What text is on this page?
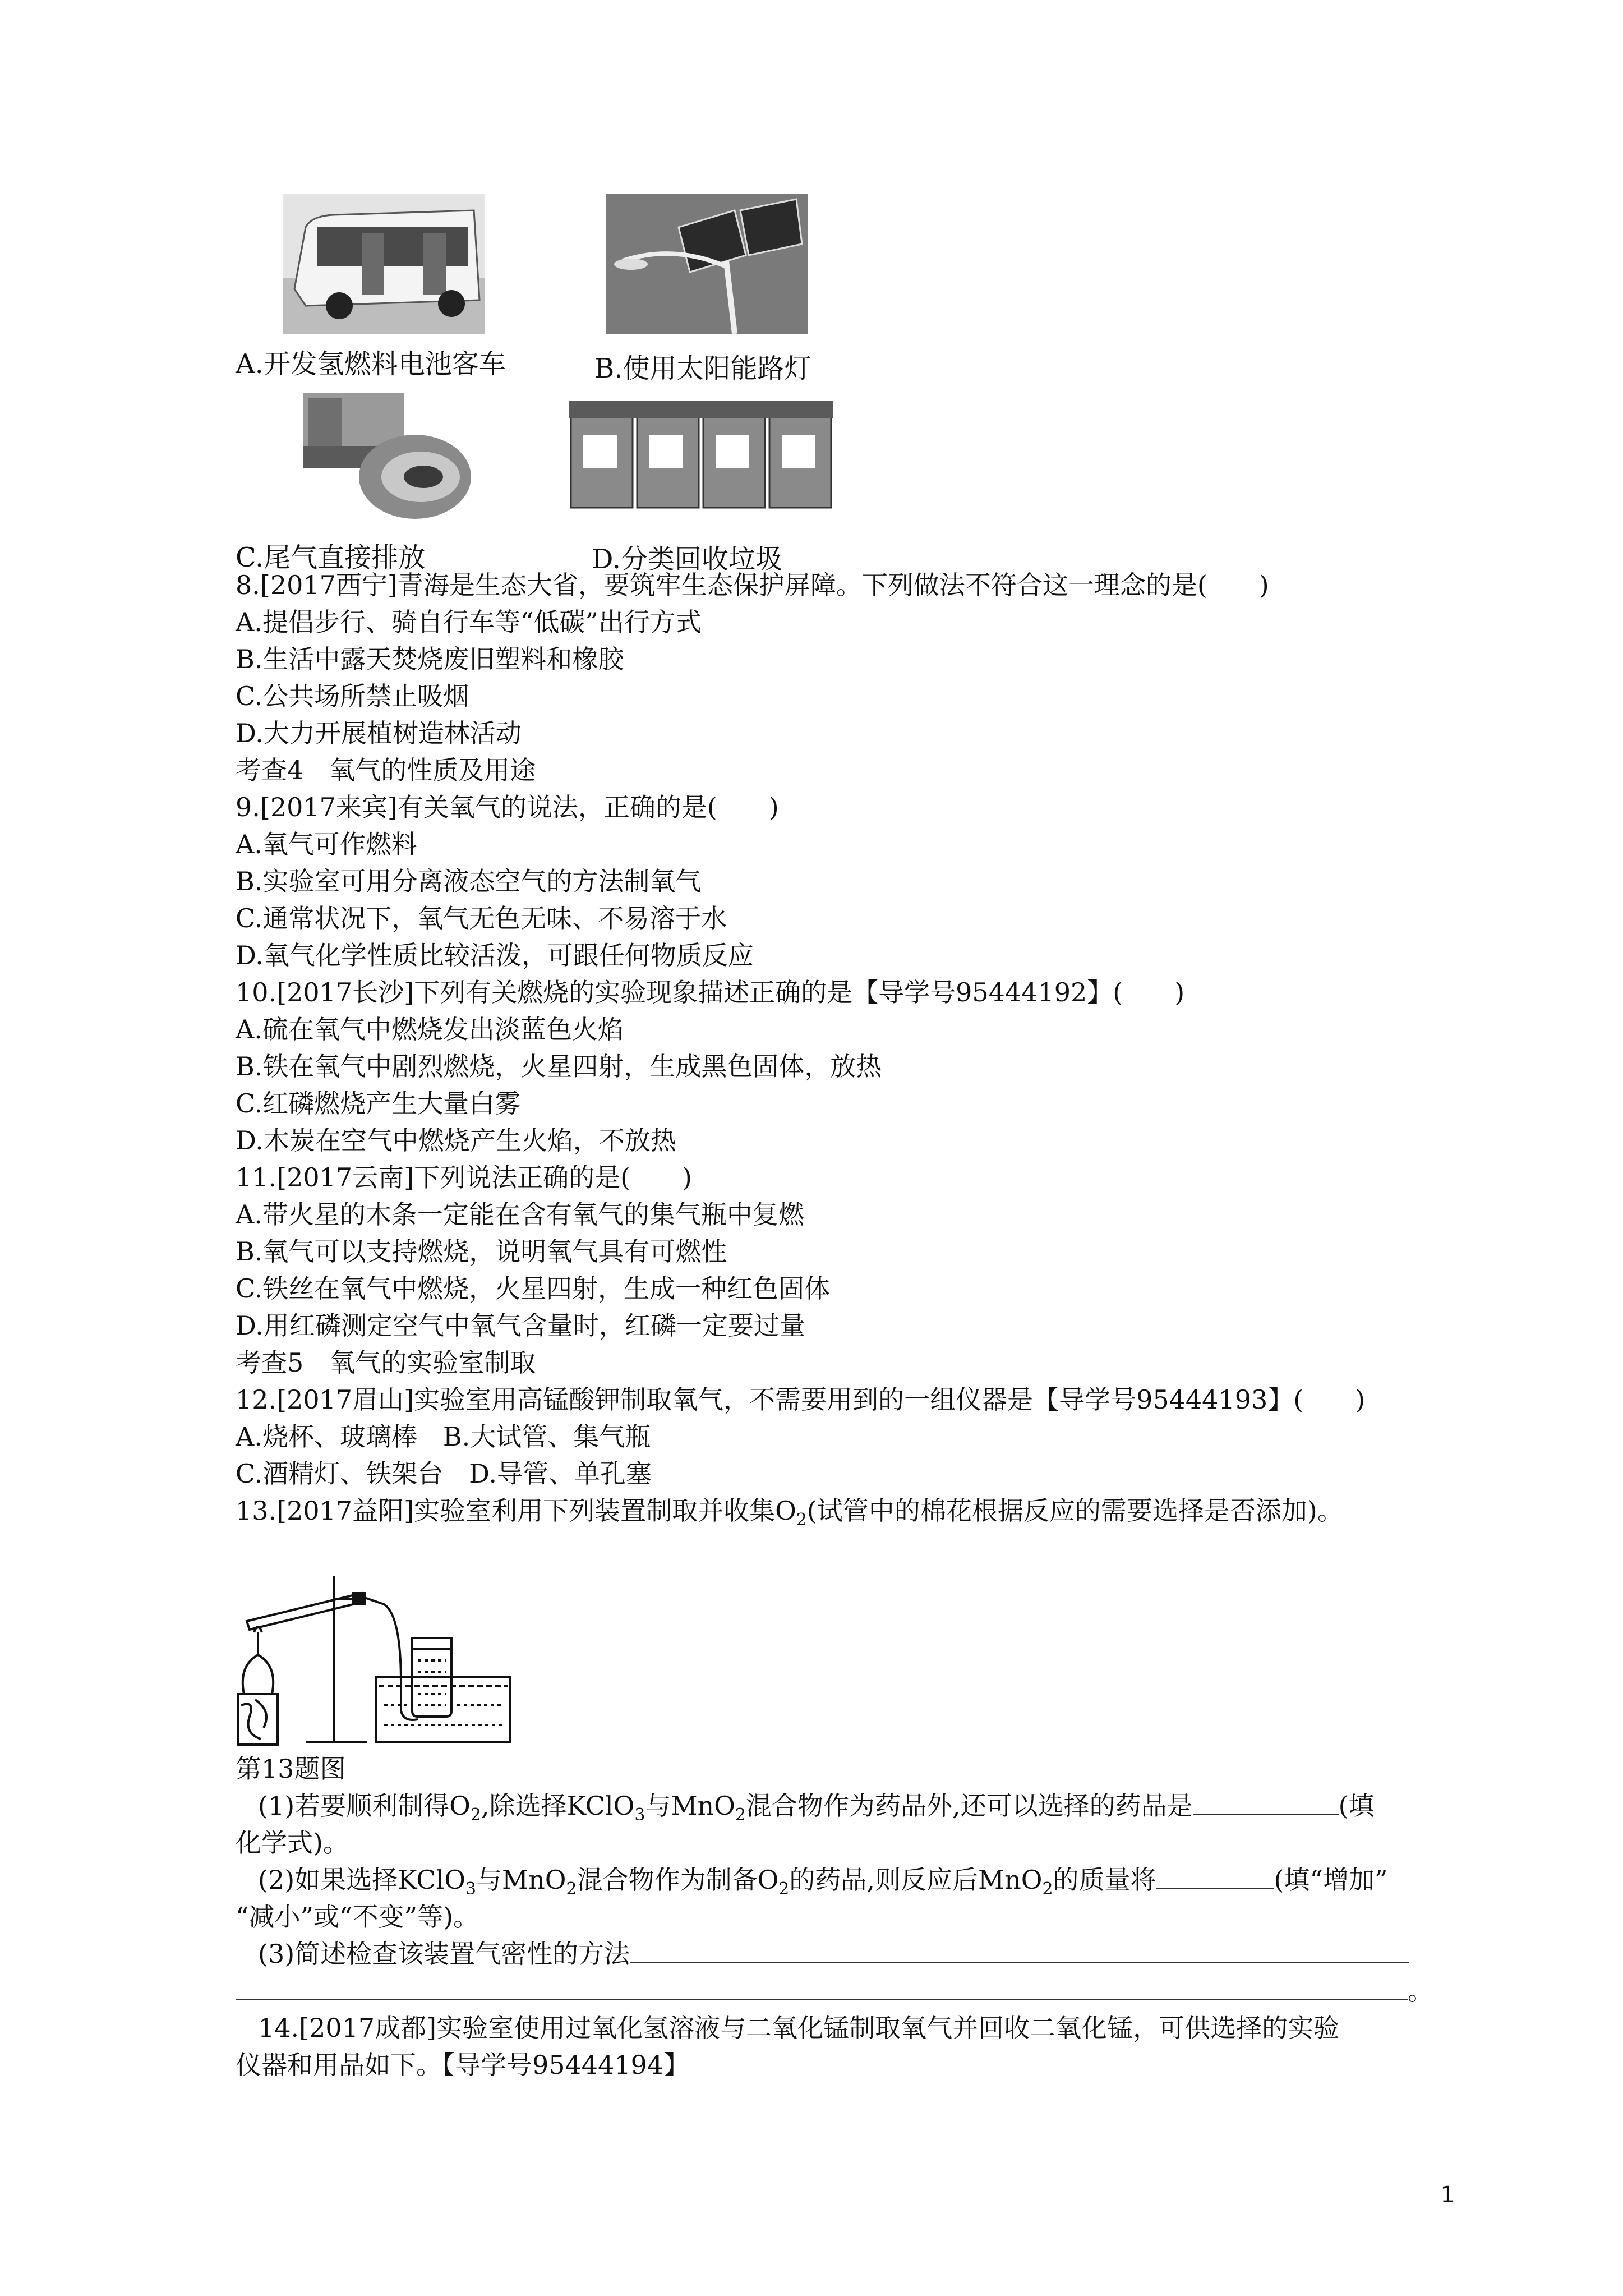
A.开发氢燃料电池客车	B.使用太阳能路灯
C.尾气直接排放	D.分类回收垃圾
8.[2017西宁]青海是生态大省，要筑牢生态保护屏障。下列做法不符合这一理念的是(　　)
A.提倡步行、骑自行车等“低碳”出行方式
B.生活中露天焚烧废旧塑料和橡胶
C.公共场所禁止吸烟
D.大力开展植树造林活动
考查4　氧气的性质及用途
9.[2017来宾]有关氧气的说法，正确的是(　　)
A.氧气可作燃料
B.实验室可用分离液态空气的方法制氧气
C.通常状况下，氧气无色无味、不易溶于水
D.氧气化学性质比较活泼，可跟任何物质反应
10.[2017长沙]下列有关燃烧的实验现象描述正确的是【导学号95444192】(　　)
A.硫在氧气中燃烧发出淡蓝色火焰
B.铁在氧气中剧烈燃烧，火星四射，生成黑色固体，放热
C.红磷燃烧产生大量白雾
D.木炭在空气中燃烧产生火焰，不放热
11.[2017云南]下列说法正确的是(　　)
A.带火星的木条一定能在含有氧气的集气瓶中复燃
B.氧气可以支持燃烧，说明氧气具有可燃性
C.铁丝在氧气中燃烧，火星四射，生成一种红色固体
D.用红磷测定空气中氧气含量时，红磷一定要过量
考查5　氧气的实验室制取
12.[2017眉山]实验室用高锰酸钾制取氧气，不需要用到的一组仪器是【导学号95444193】(　　)
A.烧杯、玻璃棒　B.大试管、集气瓶
C.酒精灯、铁架台　D.导管、单孔塞
13.[2017益阳]实验室利用下列装置制取并收集$O_2$(试管中的棉花根据反应的需要选择是否添加)。
第13题图
(1)若要顺利制得$O_2$,除选择KClO$_3$与MnO$_2$混合物作为药品外,还可以选择的药品是	(填
化学式)。
(2)如果选择KClO$_3$与MnO$_2$混合物作为制备$O_2$的药品,则反应后MnO$_2$的质量将	(填“增加”
“减小”或“不变”等)。
(3)简述检查该装置气密性的方法
。
14.[2017成都]实验室使用过氧化氢溶液与二氧化锰制取氧气并回收二氧化锰，可供选择的实验
仪器和用品如下。【导学号95444194】
1
